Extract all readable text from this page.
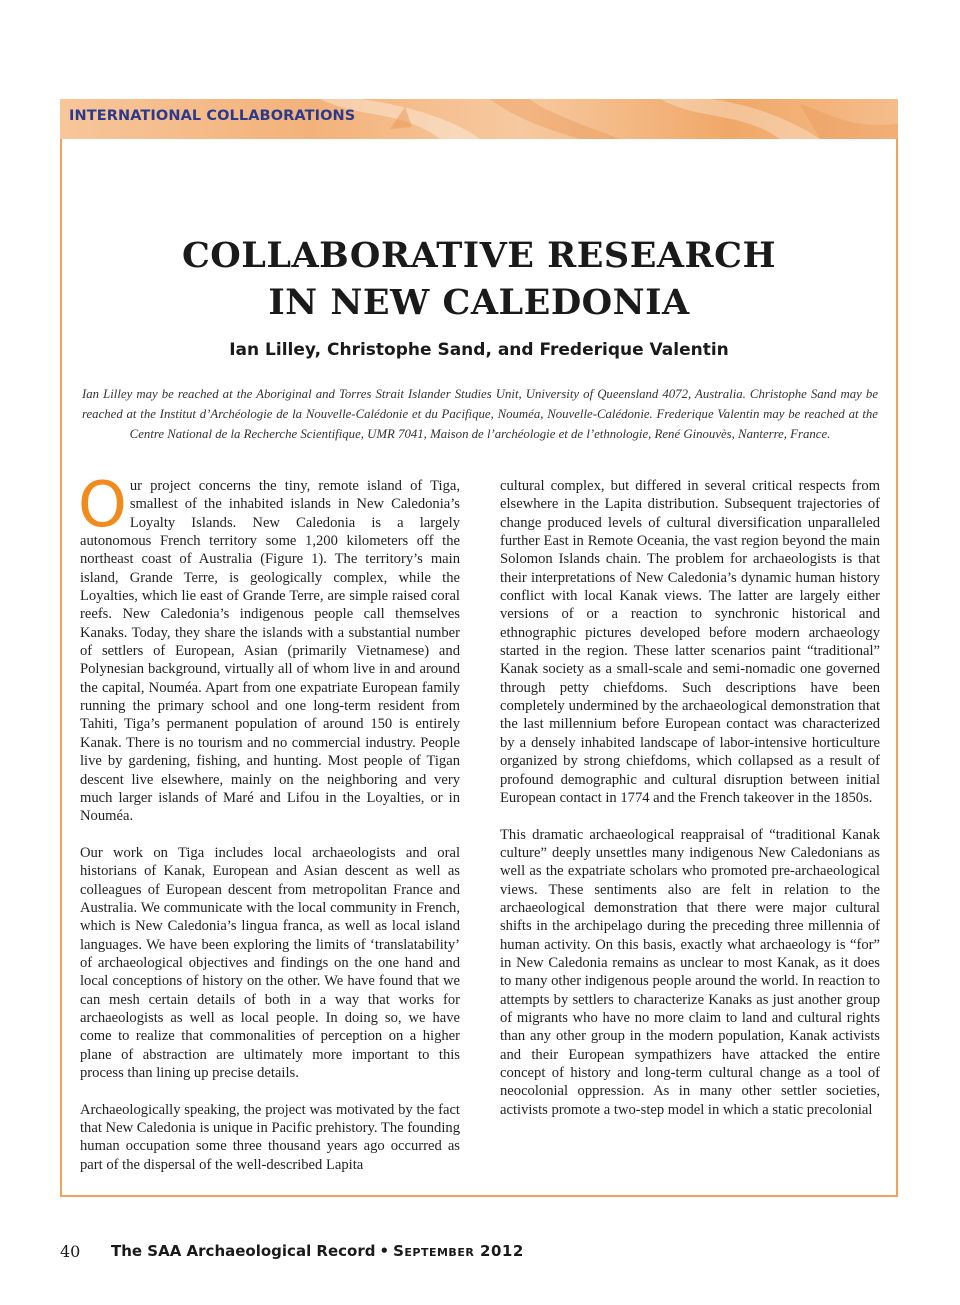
INTERNATIONAL COLLABORATIONS
COLLABORATIVE RESEARCH
IN NEW CALEDONIA
Ian Lilley, Christophe Sand, and Frederique Valentin
Ian Lilley may be reached at the Aboriginal and Torres Strait Islander Studies Unit, University of Queensland 4072, Australia. Christophe Sand may be reached at the Institut d’Archéologie de la Nouvelle-Calédonie et du Pacifique, Nouméa, Nouvelle-Calédonie. Frederique Valentin may be reached at the Centre National de la Recherche Scientifique, UMR 7041, Maison de l’archéologie et de l’ethnologie, René Ginouvès, Nanterre, France.

Our project concerns the tiny, remote island of Tiga, smallest of the inhabited islands in New Caledonia’s Loyalty Islands. New Caledonia is a largely autonomous French territory some 1,200 kilometers off the northeast coast of Australia (Figure 1). The territory’s main island, Grande Terre, is geologically complex, while the Loyalties, which lie east of Grande Terre, are simple raised coral reefs. New Caledonia’s indigenous people call themselves Kanaks. Today, they share the islands with a substantial number of settlers of European, Asian (primarily Vietnamese) and Polynesian background, virtually all of whom live in and around the capital, Nouméa. Apart from one expatriate European family running the primary school and one long-term resident from Tahiti, Tiga’s permanent population of around 150 is entirely Kanak. There is no tourism and no commercial industry. People live by gardening, fishing, and hunting. Most people of Tigan descent live elsewhere, mainly on the neighboring and very much larger islands of Maré and Lifou in the Loyalties, or in Nouméa.

Our work on Tiga includes local archaeologists and oral historians of Kanak, European and Asian descent as well as colleagues of European descent from metropolitan France and Australia. We communicate with the local community in French, which is New Caledonia’s lingua franca, as well as local island languages. We have been exploring the limits of ‘translatability’ of archaeological objectives and findings on the one hand and local conceptions of history on the other. We have found that we can mesh certain details of both in a way that works for archaeologists as well as local people. In doing so, we have come to realize that commonalities of perception on a higher plane of abstraction are ultimately more important to this process than lining up precise details.

Archaeologically speaking, the project was motivated by the fact that New Caledonia is unique in Pacific prehistory. The founding human occupation some three thousand years ago occurred as part of the dispersal of the well-described Lapita

cultural complex, but differed in several critical respects from elsewhere in the Lapita distribution. Subsequent trajectories of change produced levels of cultural diversification unparalleled further East in Remote Oceania, the vast region beyond the main Solomon Islands chain. The problem for archaeologists is that their interpretations of New Caledonia’s dynamic human history conflict with local Kanak views. The latter are largely either versions of or a reaction to synchronic historical and ethnographic pictures developed before modern archaeology started in the region. These latter scenarios paint “traditional” Kanak society as a small-scale and semi-nomadic one governed through petty chiefdoms. Such descriptions have been completely undermined by the archaeological demonstration that the last millennium before European contact was characterized by a densely inhabited landscape of labor-intensive horticulture organized by strong chiefdoms, which collapsed as a result of profound demographic and cultural disruption between initial European contact in 1774 and the French takeover in the 1850s.

This dramatic archaeological reappraisal of “traditional Kanak culture” deeply unsettles many indigenous New Caledonians as well as the expatriate scholars who promoted pre-archaeological views. These sentiments also are felt in relation to the archaeological demonstration that there were major cultural shifts in the archipelago during the preceding three millennia of human activity. On this basis, exactly what archaeology is “for” in New Caledonia remains as unclear to most Kanak, as it does to many other indigenous people around the world. In reaction to attempts by settlers to characterize Kanaks as just another group of migrants who have no more claim to land and cultural rights than any other group in the modern population, Kanak activists and their European sympathizers have attacked the entire concept of history and long-term cultural change as a tool of neocolonial oppression. As in many other settler societies, activists promote a two-step model in which a static precolonial

40 The SAA Archaeological Record • September 2012
